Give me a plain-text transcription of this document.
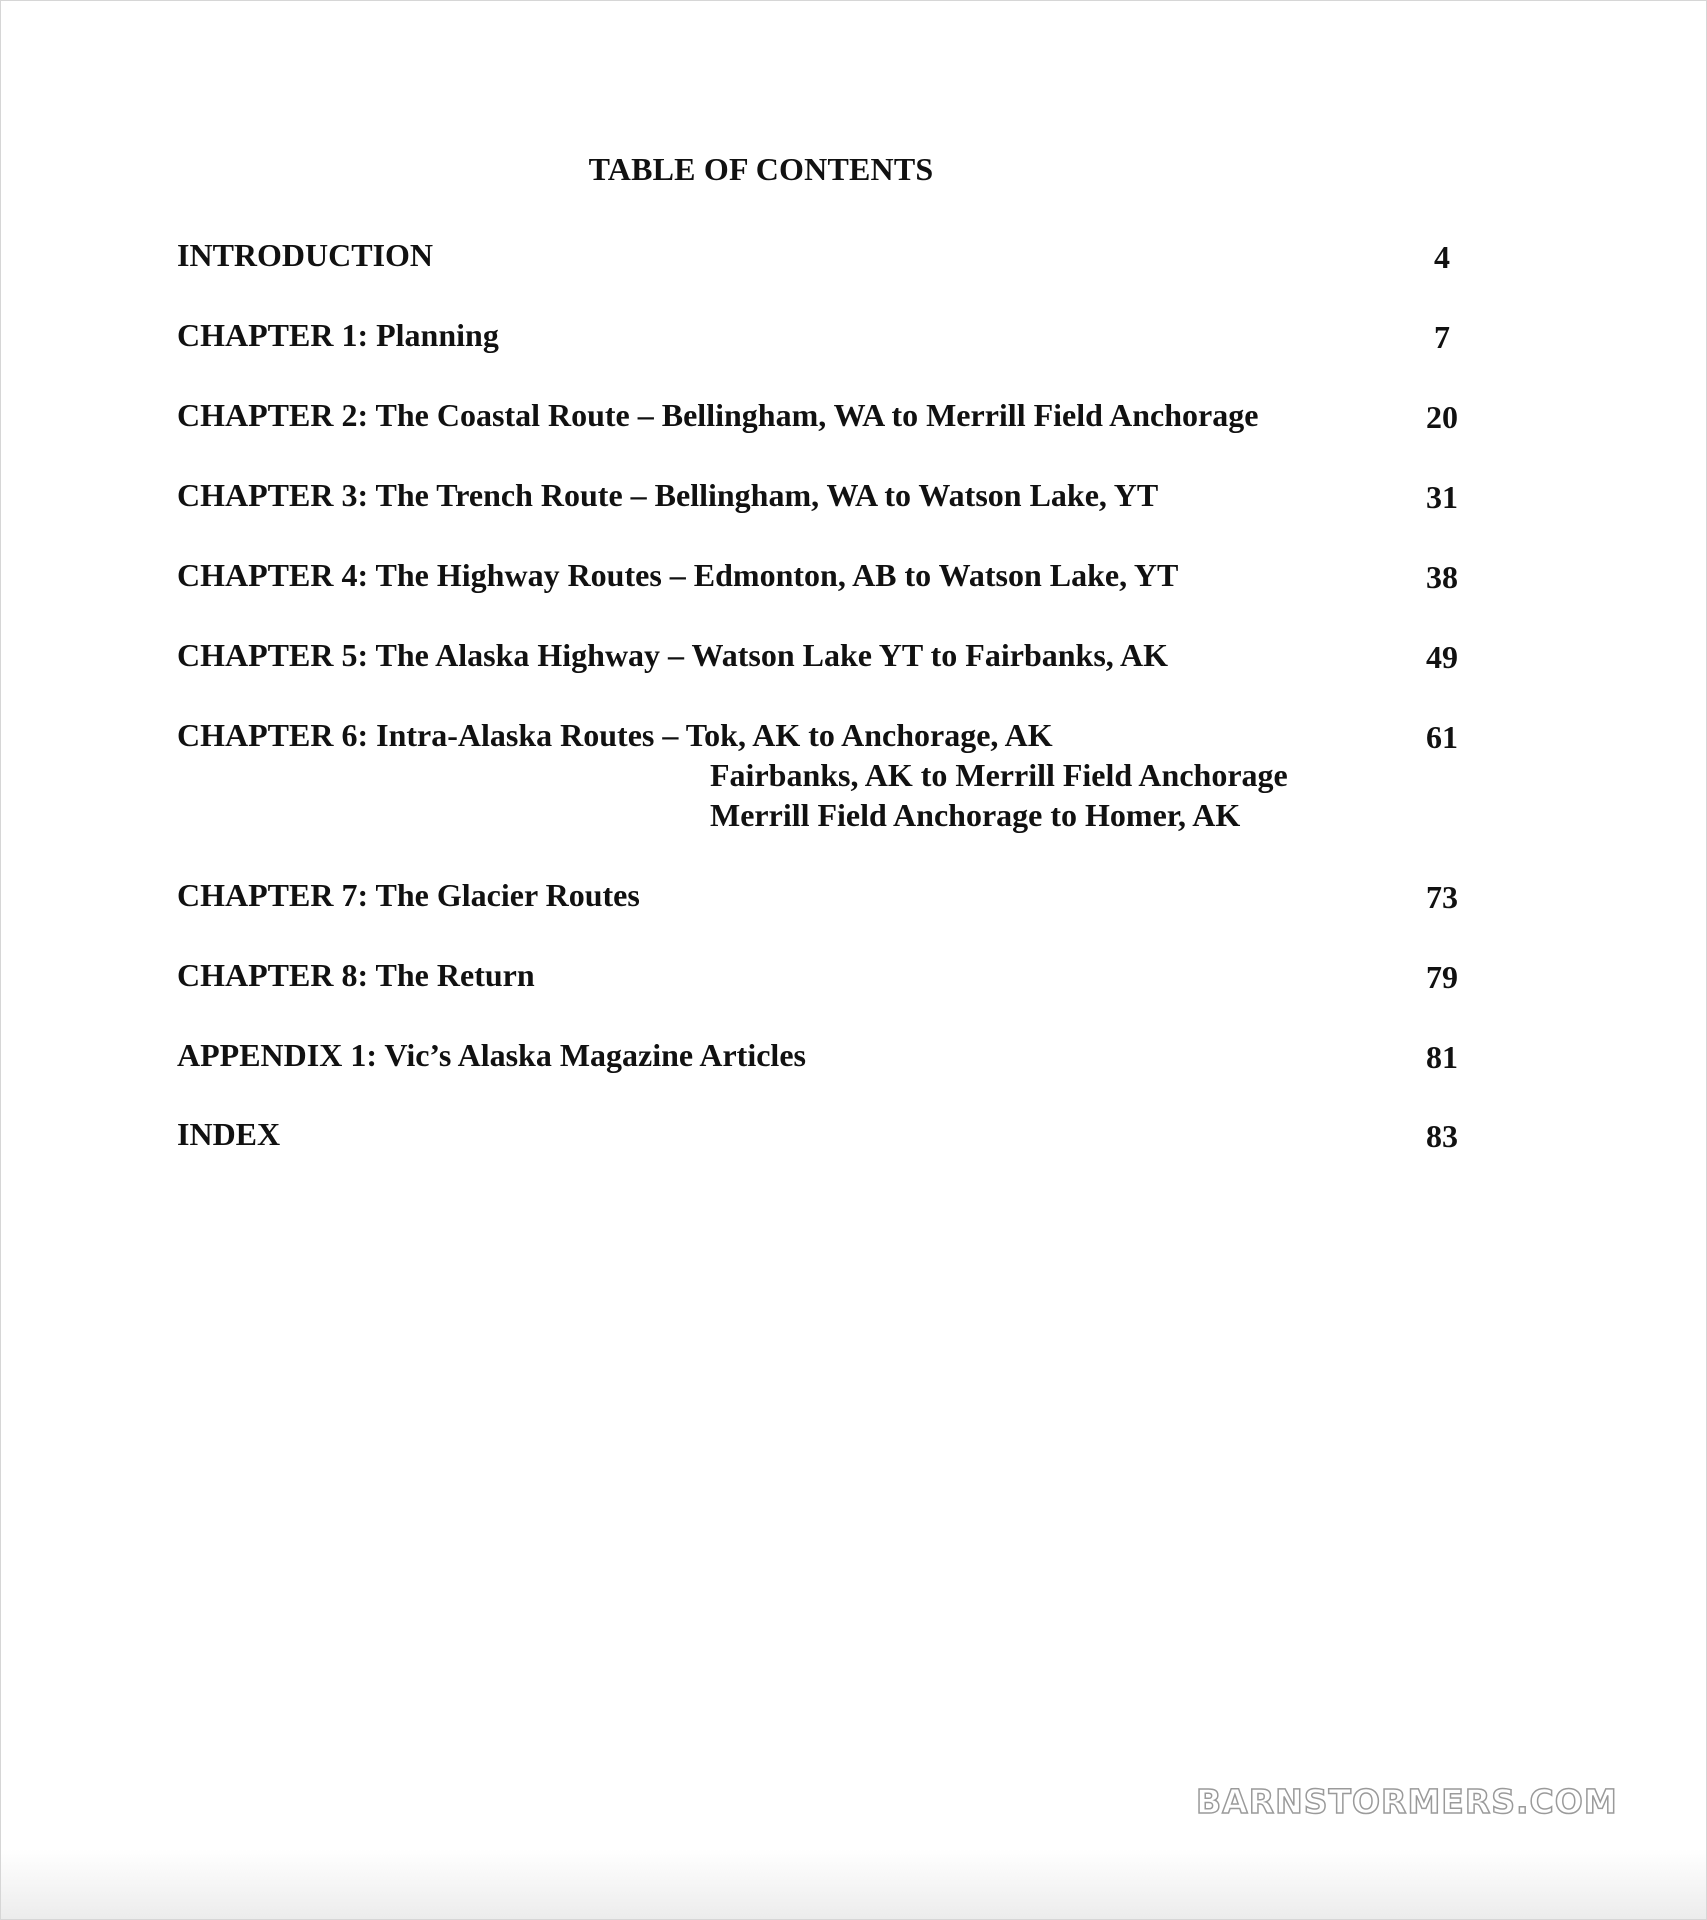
TABLE OF CONTENTS
INTRODUCTION	4
CHAPTER 1: Planning	7
CHAPTER 2: The Coastal Route – Bellingham, WA to Merrill Field Anchorage	20
CHAPTER 3: The Trench Route – Bellingham, WA to Watson Lake, YT	31
CHAPTER 4: The Highway Routes – Edmonton, AB to Watson Lake, YT	38
CHAPTER 5: The Alaska Highway – Watson Lake YT to Fairbanks, AK	49
CHAPTER 6: Intra-Alaska Routes – Tok, AK to Anchorage, AK	61
Fairbanks, AK to Merrill Field Anchorage
Merrill Field Anchorage to Homer, AK
CHAPTER 7: The Glacier Routes	73
CHAPTER 8: The Return	79
APPENDIX 1: Vic’s Alaska Magazine Articles	81
INDEX	83
BARNSTORMERS.COM
